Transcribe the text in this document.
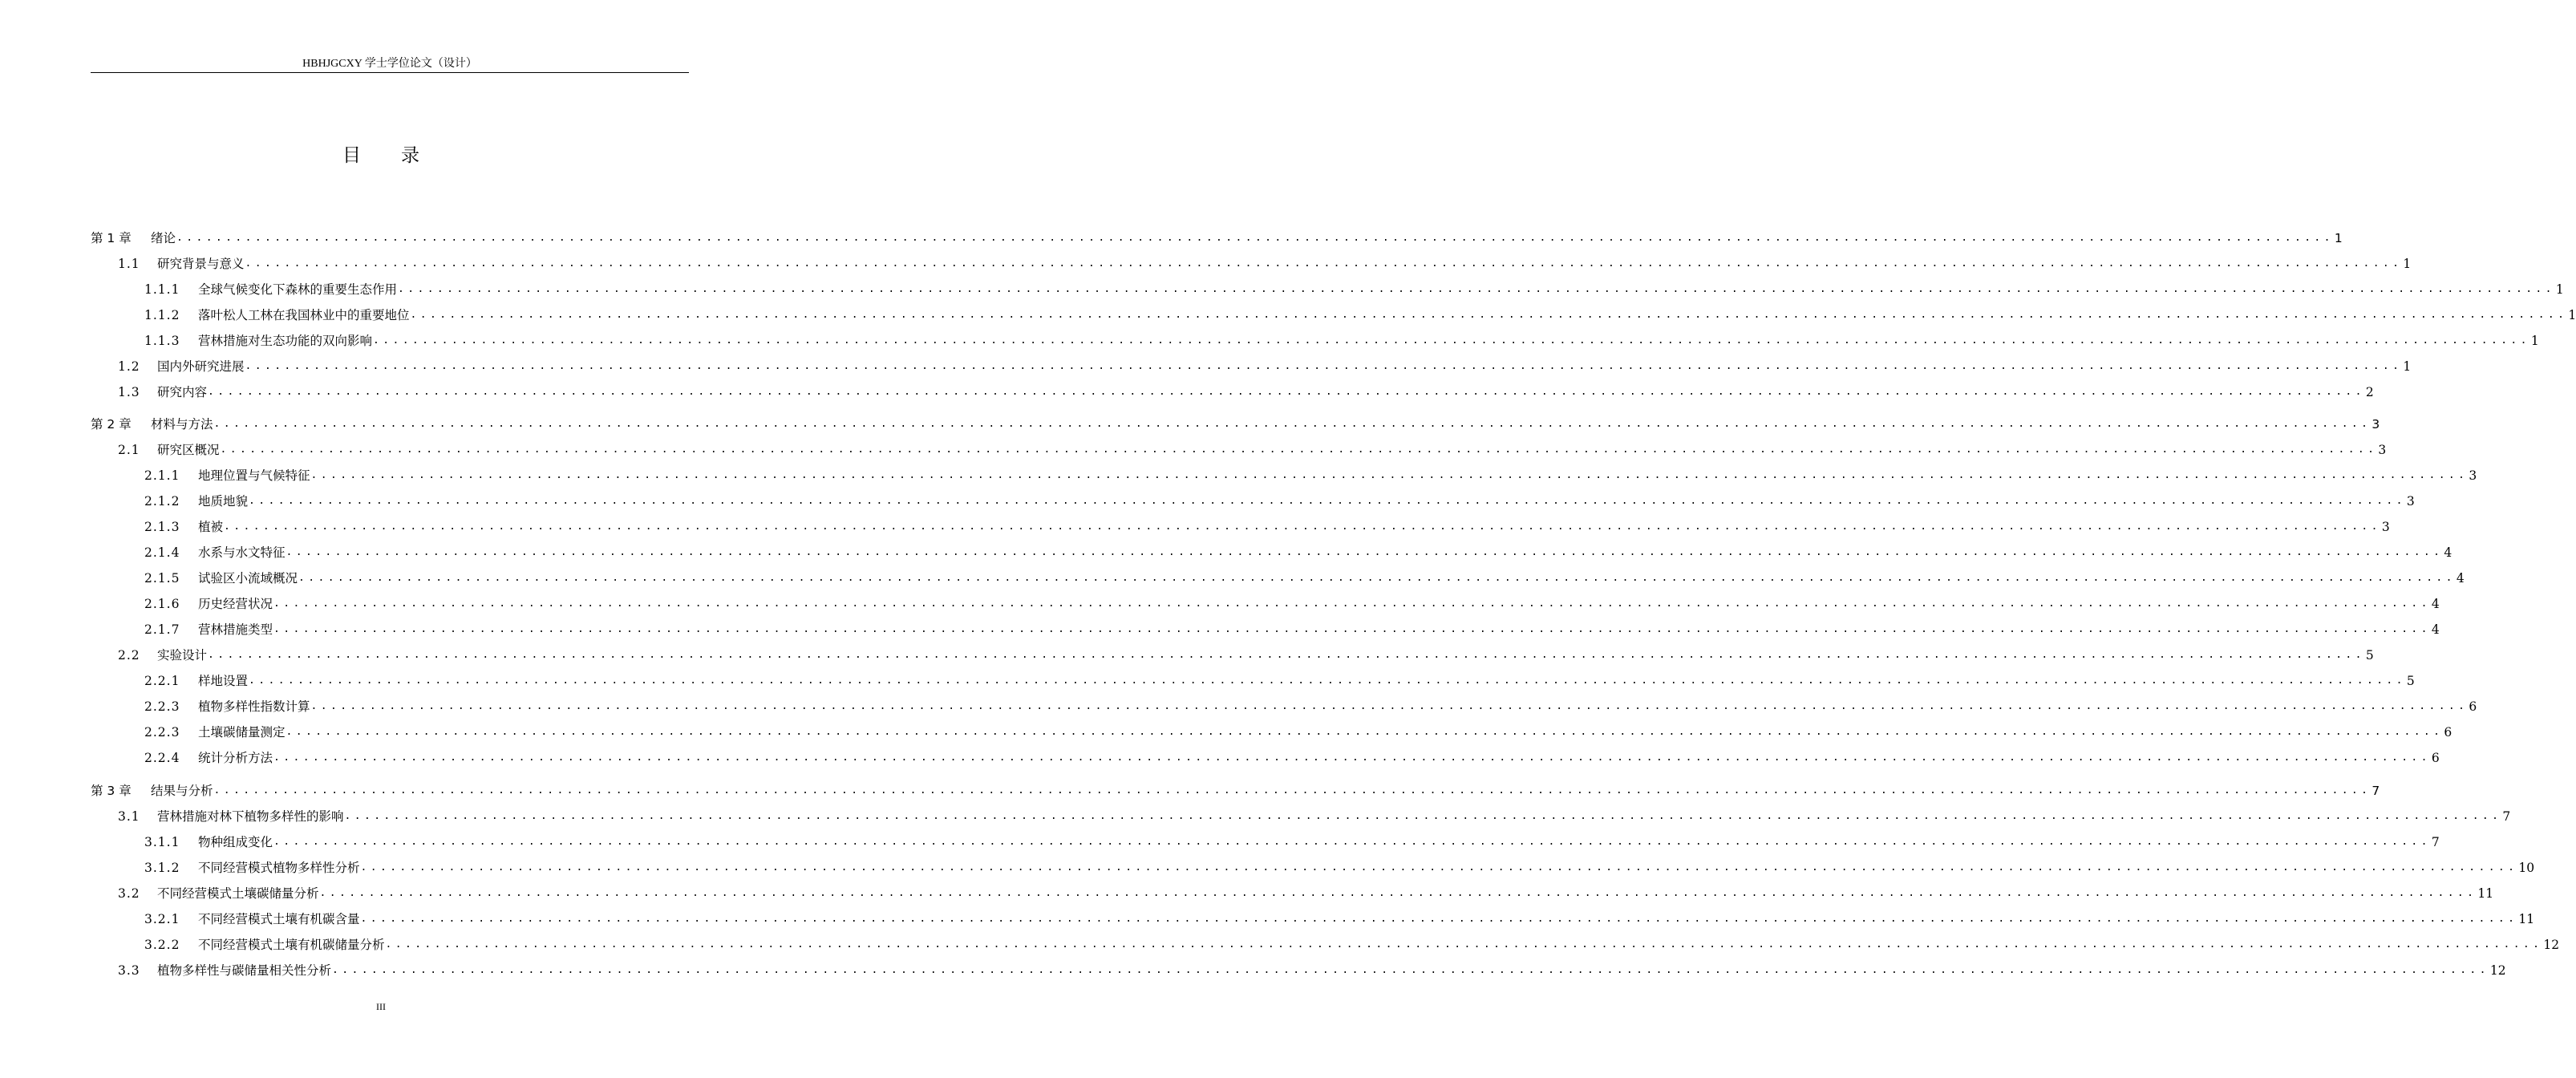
HBHJGCXY 学士学位论文（设计）
目录
第 1 章	绪论 ............................................................................................................................................................................................................................ 1
1.1	研究背景与意义 ............................................................................................................................................................................................................................ 1
1.1.1	全球气候变化下森林的重要生态作用 ............................................................................................................................................................................................................................ 1
1.1.2	落叶松人工林在我国林业中的重要地位 ............................................................................................................................................................................................................................ 1
1.1.3	营林措施对生态功能的双向影响 ............................................................................................................................................................................................................................ 1
1.2	国内外研究进展 ............................................................................................................................................................................................................................ 1
1.3	研究内容 ............................................................................................................................................................................................................................ 2
第 2 章	材料与方法 ............................................................................................................................................................................................................................ 3
2.1	研究区概况 ............................................................................................................................................................................................................................ 3
2.1.1	地理位置与气候特征 ............................................................................................................................................................................................................................ 3
2.1.2	地质地貌 ............................................................................................................................................................................................................................ 3
2.1.3	植被 ............................................................................................................................................................................................................................ 3
2.1.4	水系与水文特征 ............................................................................................................................................................................................................................ 4
2.1.5	试验区小流域概况 ............................................................................................................................................................................................................................ 4
2.1.6	历史经营状况 ............................................................................................................................................................................................................................ 4
2.1.7	营林措施类型 ............................................................................................................................................................................................................................ 4
2.2	实验设计 ............................................................................................................................................................................................................................ 5
2.2.1	样地设置 ............................................................................................................................................................................................................................ 5
2.2.3	植物多样性指数计算 ............................................................................................................................................................................................................................ 6
2.2.3	土壤碳储量测定 ............................................................................................................................................................................................................................ 6
2.2.4	统计分析方法 ............................................................................................................................................................................................................................ 6
第 3 章	结果与分析 ............................................................................................................................................................................................................................ 7
3.1	营林措施对林下植物多样性的影响 ............................................................................................................................................................................................................................ 7
3.1.1	物种组成变化 ............................................................................................................................................................................................................................ 7
3.1.2	不同经营模式植物多样性分析 ............................................................................................................................................................................................................................ 10
3.2	不同经营模式土壤碳储量分析 ............................................................................................................................................................................................................................ 11
3.2.1	不同经营模式土壤有机碳含量 ............................................................................................................................................................................................................................ 11
3.2.2	不同经营模式土壤有机碳储量分析 ............................................................................................................................................................................................................................ 12
3.3	植物多样性与碳储量相关性分析 ............................................................................................................................................................................................................................ 12
III
